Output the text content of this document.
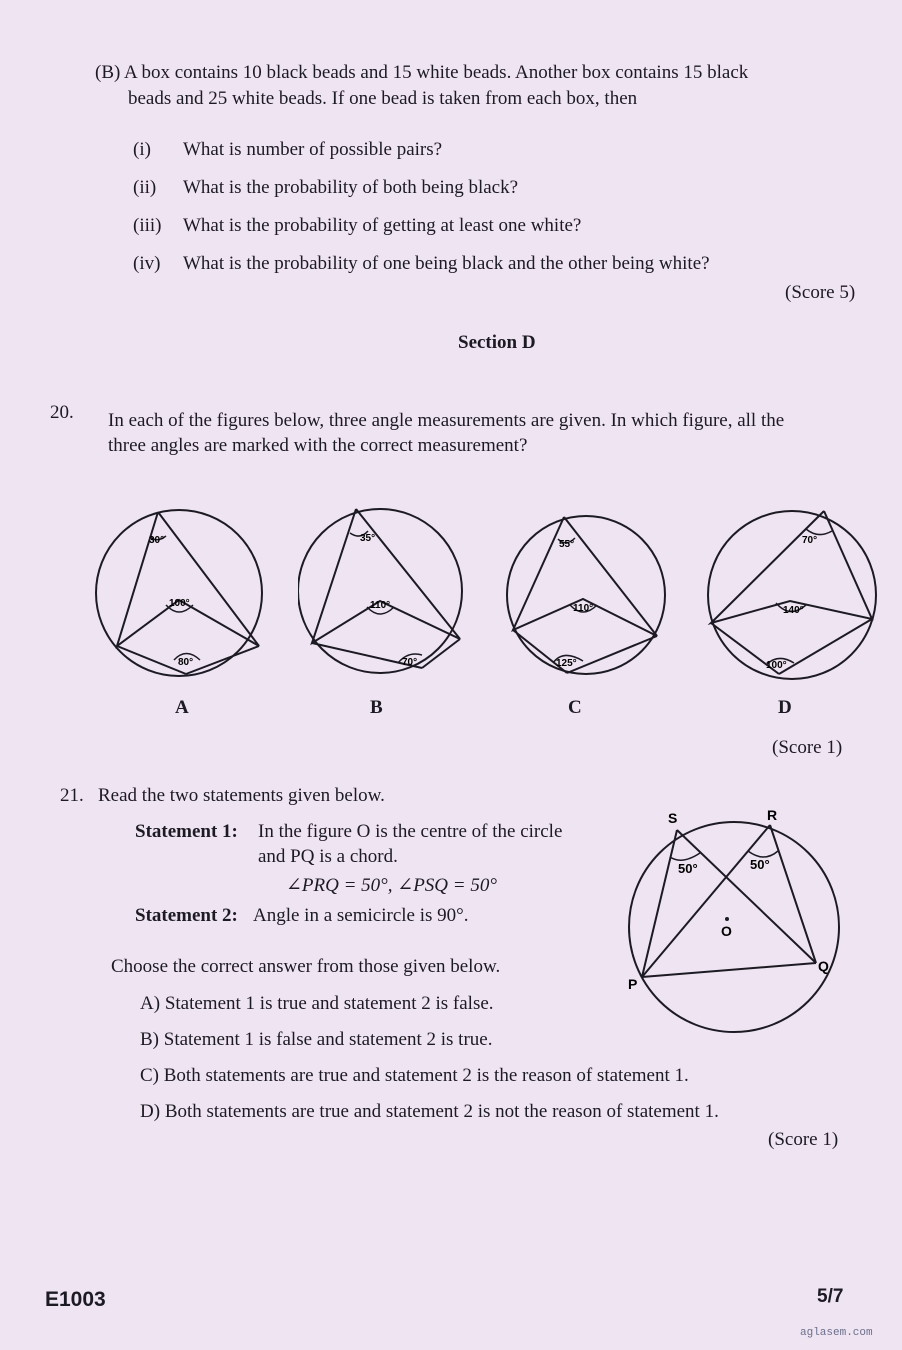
(B) A box contains 10 black beads and 15 white beads. Another box contains 15 black
beads and 25 white beads. If one bead is taken from each box, then
(i) What is number of possible pairs?
(ii) What is the probability of both being black?
(iii) What is the probability of getting at least one white?
(iv) What is the probability of one being black and the other being white?
(Score 5)
Section D
20. In each of the figures below, three angle measurements are given. In which figure, all the
three angles are marked with the correct measurement?
30°
100°
80°
A
35°
110°
70°
B
55°
110°
125°
C
70°
140°
100°
D
(Score 1)
21. Read the two statements given below.
Statement 1: In the figure O is the centre of the circle
and PQ is a chord.
∠PRQ = 50°, ∠PSQ = 50°
Statement 2: Angle in a semicircle is 90°.
Choose the correct answer from those given below.
A) Statement 1 is true and statement 2 is false.
B) Statement 1 is false and statement 2 is true.
C) Both statements are true and statement 2 is the reason of statement 1.
D) Both statements are true and statement 2 is not the reason of statement 1.
S	R
O
P
Q
50°	50°
(Score 1)
E1003	5/7
aglasem.com
